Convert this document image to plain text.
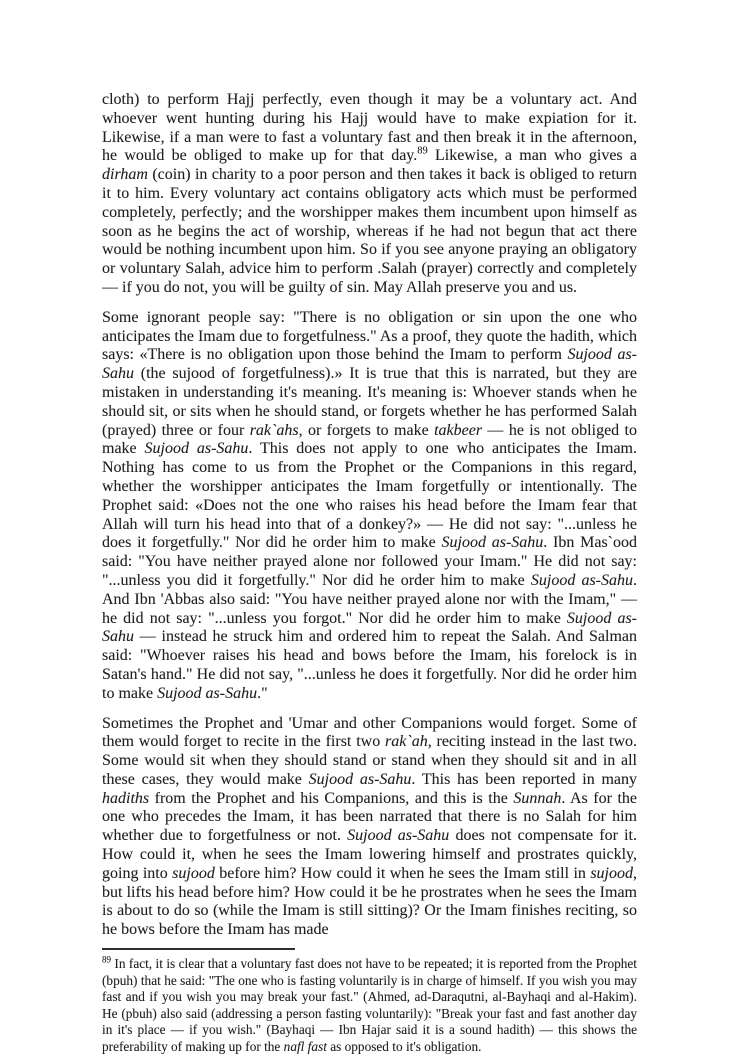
cloth) to perform Hajj perfectly, even though it may be a voluntary act. And whoever went hunting during his Hajj would have to make expiation for it. Likewise, if a man were to fast a voluntary fast and then break it in the afternoon, he would be obliged to make up for that day.$^{89}$ Likewise, a man who gives a dirham (coin) in charity to a poor person and then takes it back is obliged to return it to him. Every voluntary act contains obligatory acts which must be performed completely, perfectly; and the worshipper makes them incumbent upon himself as soon as he begins the act of worship, whereas if he had not begun that act there would be nothing incumbent upon him. So if you see anyone praying an obligatory or voluntary Salah, advice him to perform .Salah (prayer) correctly and completely — if you do not, you will be guilty of sin. May Allah preserve you and us.

Some ignorant people say: "There is no obligation or sin upon the one who anticipates the Imam due to forgetfulness." As a proof, they quote the hadith, which says: «There is no obligation upon those behind the Imam to perform Sujood as-Sahu (the sujood of forgetfulness).» It is true that this is narrated, but they are mistaken in understanding it's meaning. It's meaning is: Whoever stands when he should sit, or sits when he should stand, or forgets whether he has performed Salah (prayed) three or four rak`ahs, or forgets to make takbeer — he is not obliged to make Sujood as-Sahu. This does not apply to one who anticipates the Imam. Nothing has come to us from the Prophet or the Companions in this regard, whether the worshipper anticipates the Imam forgetfully or intentionally. The Prophet said: «Does not the one who raises his head before the Imam fear that Allah will turn his head into that of a donkey?» — He did not say: "...unless he does it forgetfully." Nor did he order him to make Sujood as-Sahu. Ibn Mas`ood said: "You have neither prayed alone nor followed your Imam." He did not say: "...unless you did it forgetfully." Nor did he order him to make Sujood as-Sahu. And Ibn 'Abbas also said: "You have neither prayed alone nor with the Imam," — he did not say: "...unless you forgot." Nor did he order him to make Sujood as-Sahu — instead he struck him and ordered him to repeat the Salah. And Salman said: "Whoever raises his head and bows before the Imam, his forelock is in Satan's hand." He did not say, "...unless he does it forgetfully. Nor did he order him to make Sujood as-Sahu."

Sometimes the Prophet and 'Umar and other Companions would forget. Some of them would forget to recite in the first two rak`ah, reciting instead in the last two. Some would sit when they should stand or stand when they should sit and in all these cases, they would make Sujood as-Sahu. This has been reported in many hadiths from the Prophet and his Companions, and this is the Sunnah. As for the one who precedes the Imam, it has been narrated that there is no Salah for him whether due to forgetfulness or not. Sujood as-Sahu does not compensate for it. How could it, when he sees the Imam lowering himself and prostrates quickly, going into sujood before him? How could it when he sees the Imam still in sujood, but lifts his head before him? How could it be he prostrates when he sees the Imam is about to do so (while the Imam is still sitting)? Or the Imam finishes reciting, so he bows before the Imam has made

$^{89}$ In fact, it is clear that a voluntary fast does not have to be repeated; it is reported from the Prophet (bpuh) that he said: "The one who is fasting voluntarily is in charge of himself. If you wish you may fast and if you wish you may break your fast." (Ahmed, ad-Daraqutni, al-Bayhaqi and al-Hakim). He (pbuh) also said (addressing a person fasting voluntarily): "Break your fast and fast another day in it's place — if you wish." (Bayhaqi — Ibn Hajar said it is a sound hadith) — this shows the preferability of making up for the nafl fast as opposed to it's obligation.
